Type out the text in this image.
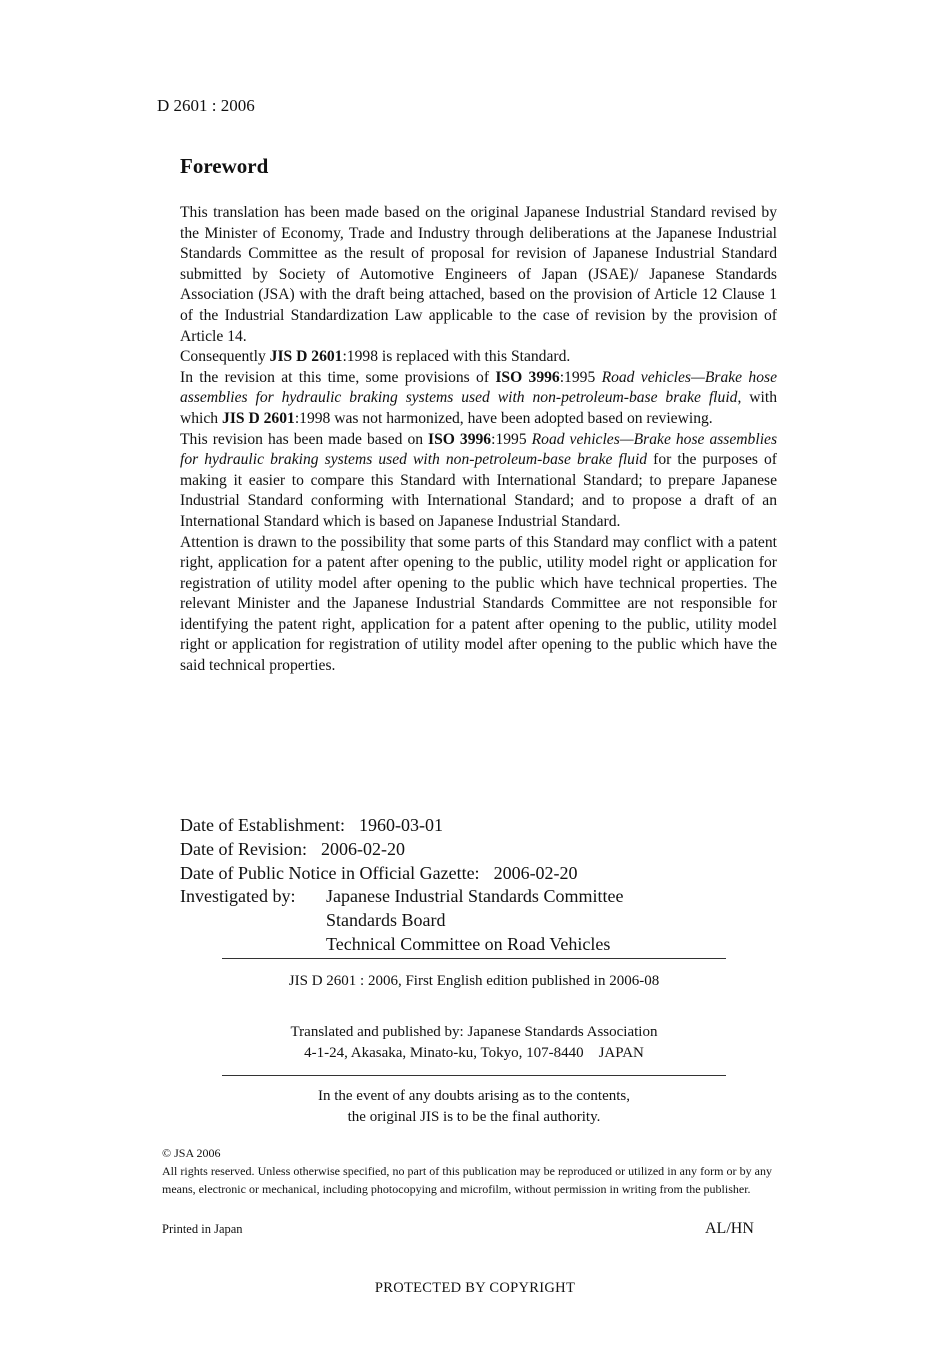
D 2601 : 2006
Foreword

This translation has been made based on the original Japanese Industrial Standard revised by the Minister of Economy, Trade and Industry through deliberations at the Japanese Industrial Standards Committee as the result of proposal for revision of Japanese Industrial Standard submitted by Society of Automotive Engineers of Japan (JSAE)/ Japanese Standards Association (JSA) with the draft being attached, based on the provision of Article 12 Clause 1 of the Industrial Standardization Law applicable to the case of revision by the provision of Article 14.

Consequently JIS D 2601:1998 is replaced with this Standard.

In the revision at this time, some provisions of ISO 3996:1995 Road vehicles—Brake hose assemblies for hydraulic braking systems used with non-petroleum-base brake fluid, with which JIS D 2601:1998 was not harmonized, have been adopted based on reviewing.

This revision has been made based on ISO 3996:1995 Road vehicles—Brake hose assemblies for hydraulic braking systems used with non-petroleum-base brake fluid for the purposes of making it easier to compare this Standard with International Standard; to prepare Japanese Industrial Standard conforming with International Standard; and to propose a draft of an International Standard which is based on Japanese Industrial Standard.

Attention is drawn to the possibility that some parts of this Standard may conflict with a patent right, application for a patent after opening to the public, utility model right or application for registration of utility model after opening to the public which have technical properties. The relevant Minister and the Japanese Industrial Standards Committee are not responsible for identifying the patent right, application for a patent after opening to the public, utility model right or application for registration of utility model after opening to the public which have the said technical properties.

Date of Establishment: 1960-03-01
Date of Revision: 2006-02-20
Date of Public Notice in Official Gazette: 2006-02-20
Investigated by:	Japanese Industrial Standards Committee
Standards Board
Technical Committee on Road Vehicles
JIS D 2601 : 2006, First English edition published in 2006-08
Translated and published by: Japanese Standards Association
4-1-24, Akasaka, Minato-ku, Tokyo, 107-8440    JAPAN
In the event of any doubts arising as to the contents,
the original JIS is to be the final authority.

© JSA 2006

All rights reserved. Unless otherwise specified, no part of this publication may be reproduced or utilized in any form or by any means, electronic or mechanical, including photocopying and microfilm, without permission in writing from the publisher.

Printed in Japan	AL/HN
PROTECTED BY COPYRIGHT
